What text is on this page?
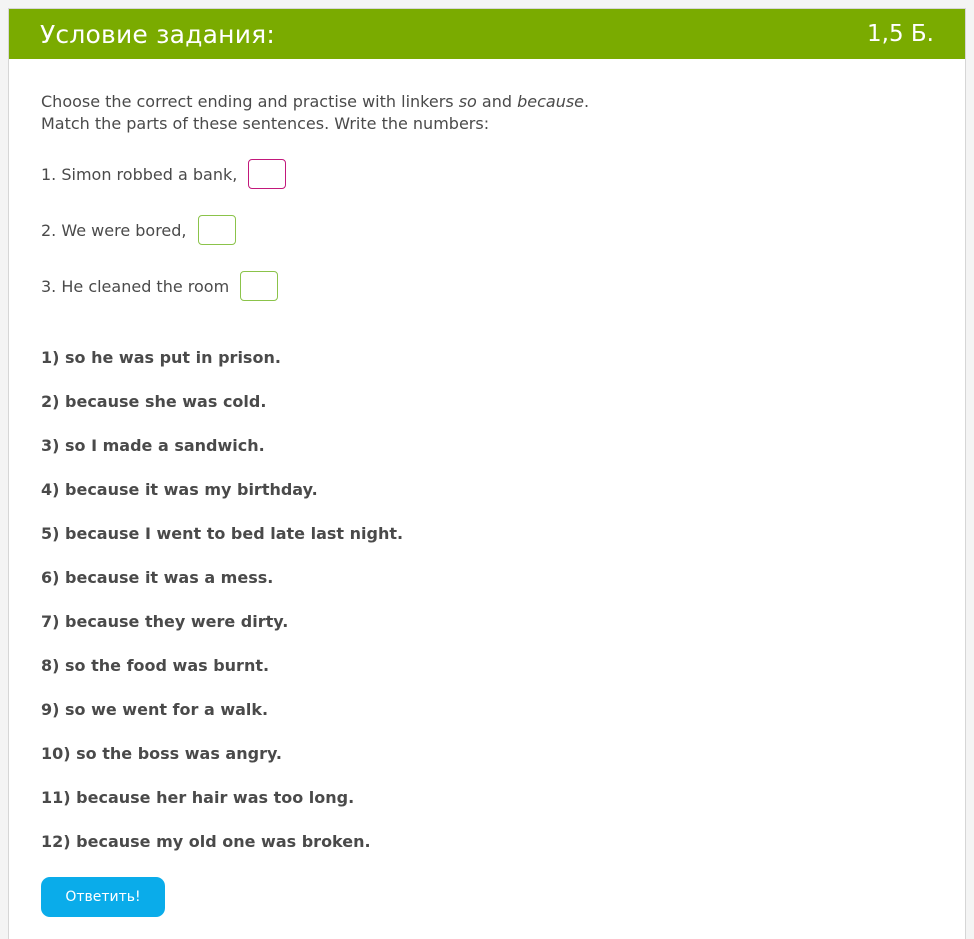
Условие задания:	1,5 Б.
Choose the correct ending and practise with linkers so and because.
Match the parts of these sentences. Write the numbers:
1. Simon robbed a bank,
2. We were bored,
3. He cleaned the room
1) so he was put in prison.
2) because she was cold.
3) so I made a sandwich.
4) because it was my birthday.
5) because I went to bed late last night.
6) because it was a mess.
7) because they were dirty.
8) so the food was burnt.
9) so we went for a walk.
10) so the boss was angry.
11) because her hair was too long.
12) because my old one was broken.
Ответить!
